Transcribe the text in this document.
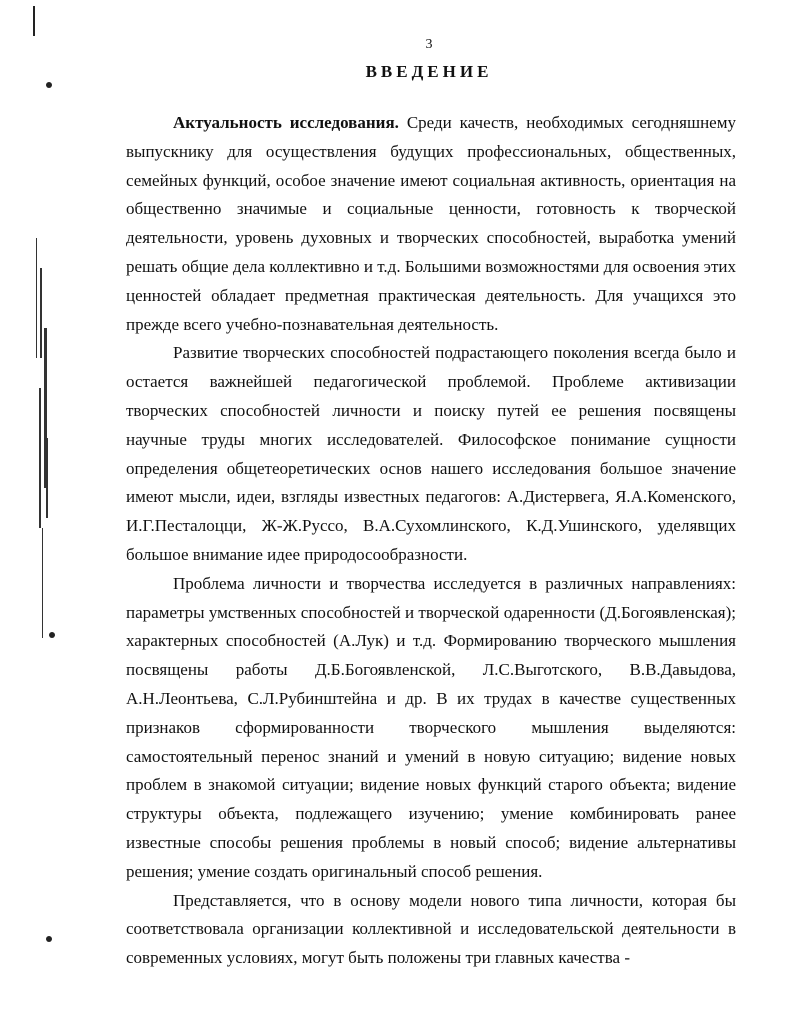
3
ВВЕДЕНИЕ

Актуальность исследования. Среди качеств, необходимых сегодняшнему выпускнику для осуществления будущих профессиональных, общественных, семейных функций, особое значение имеют социальная активность, ориентация на общественно значимые и социальные ценности, готовность к творческой деятельности, уровень духовных и творческих способностей, выработка умений решать общие дела коллективно и т.д. Большими возможностями для освоения этих ценностей обладает предметная практическая деятельность. Для учащихся это прежде всего учебно-познавательная деятельность.

Развитие творческих способностей подрастающего поколения всегда было и остается важнейшей педагогической проблемой. Проблеме активизации творческих способностей личности и поиску путей ее решения посвящены научные труды многих исследователей. Философское понимание сущности определения общетеоретических основ нашего исследования большое значение имеют мысли, идеи, взгляды известных педагогов: А.Дистервега, Я.А.Коменского, И.Г.Песталоцци, Ж-Ж.Руссо, В.А.Сухомлинского, К.Д.Ушинского, уделявщих большое внимание идее природосообразности.

Проблема личности и творчества исследуется в различных направлениях: параметры умственных способностей и творческой одаренности (Д.Богоявленская); характерных способностей (А.Лук) и т.д. Формированию творческого мышления посвящены работы Д.Б.Богоявленской, Л.С.Выготского, В.В.Давыдова, А.Н.Леонтьева, С.Л.Рубинштейна и др. В их трудах в качестве существенных признаков сформированности творческого мышления выделяются: самостоятельный перенос знаний и умений в новую ситуацию; видение новых проблем в знакомой ситуации; видение новых функций старого объекта; видение структуры объекта, подлежащего изучению; умение комбинировать ранее известные способы решения проблемы в новый способ; видение альтернативы решения; умение создать оригинальный способ решения.

Представляется, что в основу модели нового типа личности, которая бы соответствовала организации коллективной и исследовательской деятельности в современных условиях, могут быть положены три главных качества -
